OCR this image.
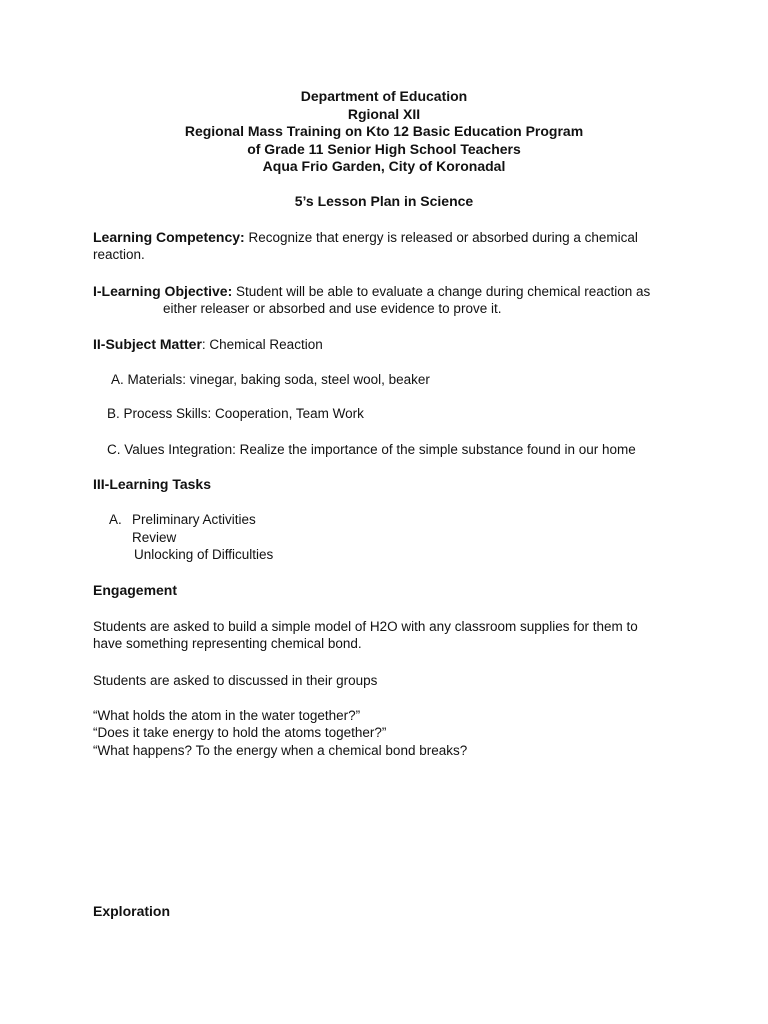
Department of Education
Rgional XII
Regional Mass Training on Kto 12 Basic Education Program
of Grade 11 Senior High School Teachers
Aqua Frio Garden, City of Koronadal
5’s Lesson Plan in Science
Learning Competency: Recognize that energy is released or absorbed during a chemical
reaction.
I-Learning Objective: Student will be able to evaluate a change during chemical reaction as
either releaser or absorbed and use evidence to prove it.
II-Subject Matter: Chemical Reaction
A. Materials: vinegar, baking soda, steel wool, beaker
B. Process Skills: Cooperation, Team Work
C. Values Integration: Realize the importance of the simple substance found in our home
III-Learning Tasks
A. Preliminary Activities
Review
Unlocking of Difficulties
Engagement
Students are asked to build a simple model of H2O with any classroom supplies for them to
have something representing chemical bond.
Students are asked to discussed in their groups
“What holds the atom in the water together?”
“Does it take energy to hold the atoms together?”
“What happens? To the energy when a chemical bond breaks?
Exploration
